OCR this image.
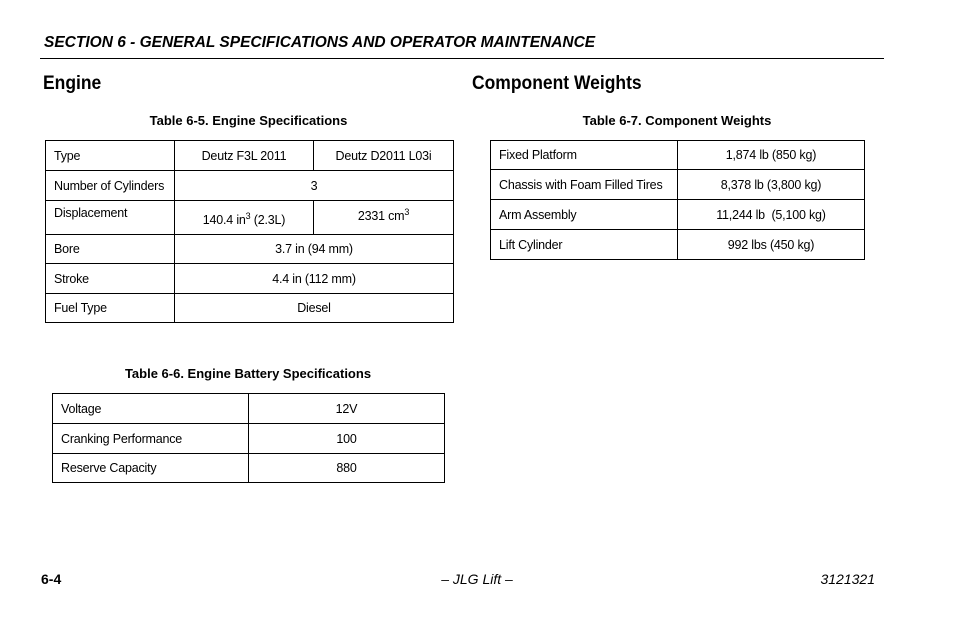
SECTION 6 - GENERAL SPECIFICATIONS AND OPERATOR MAINTENANCE
Engine
Table 6-5. Engine Specifications
Type	Deutz F3L 2011	Deutz D2011 L03i
Number of Cylinders	3	
Displacement	140.4 $in^3$ (2.3L)	2331 $cm^3$
Bore	3.7 in (94 mm)	
Stroke	4.4 in (112 mm)	
Fuel Type	Diesel	
Table 6-6. Engine Battery Specifications
Voltage	12V
Cranking Performance	100
Reserve Capacity	880
Component Weights
Table 6-7. Component Weights
Fixed Platform	1,874 lb (850 kg)
Chassis with Foam Filled Tires	8,378 lb (3,800 kg)
Arm Assembly	11,244 lb  (5,100 kg)
Lift Cylinder	992 lbs (450 kg)
6-4	– JLG Lift –	3121321
